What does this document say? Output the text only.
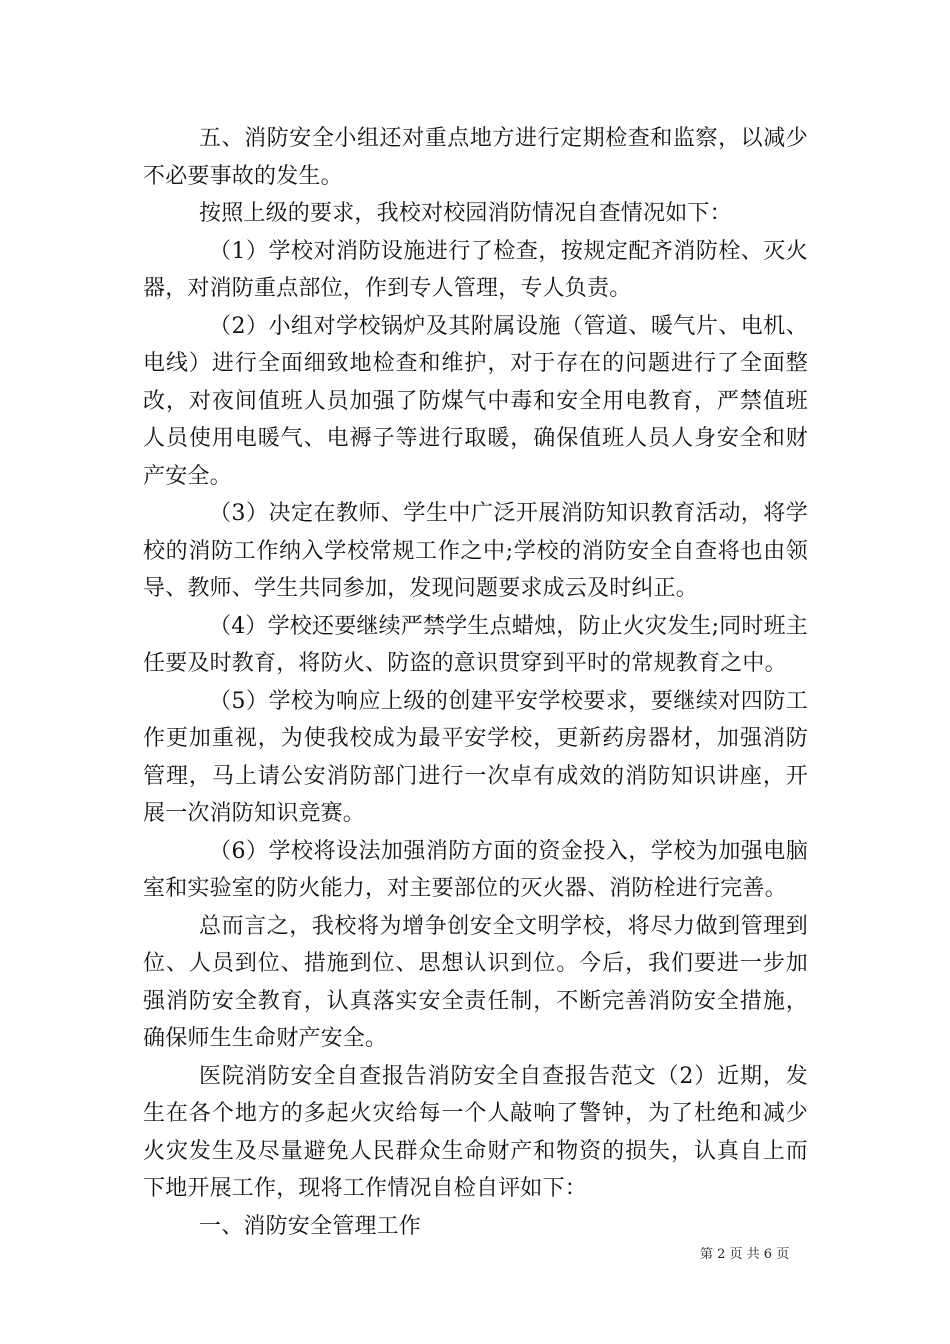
五、消防安全小组还对重点地方进行定期检查和监察，以减少不必要事故的发生。

按照上级的要求，我校对校园消防情况自查情况如下：

（1）学校对消防设施进行了检查，按规定配齐消防栓、灭火器，对消防重点部位，作到专人管理，专人负责。

（2）小组对学校锅炉及其附属设施（管道、暖气片、电机、电线）进行全面细致地检查和维护，对于存在的问题进行了全面整改，对夜间值班人员加强了防煤气中毒和安全用电教育，严禁值班人员使用电暖气、电褥子等进行取暖，确保值班人员人身安全和财产安全。

（3）决定在教师、学生中广泛开展消防知识教育活动，将学校的消防工作纳入学校常规工作之中;学校的消防安全自查将也由领导、教师、学生共同参加，发现问题要求成云及时纠正。

（4）学校还要继续严禁学生点蜡烛，防止火灾发生;同时班主任要及时教育，将防火、防盗的意识贯穿到平时的常规教育之中。

（5）学校为响应上级的创建平安学校要求，要继续对四防工作更加重视，为使我校成为最平安学校，更新药房器材，加强消防管理，马上请公安消防部门进行一次卓有成效的消防知识讲座，开展一次消防知识竞赛。

（6）学校将设法加强消防方面的资金投入，学校为加强电脑室和实验室的防火能力，对主要部位的灭火器、消防栓进行完善。

总而言之，我校将为增争创安全文明学校，将尽力做到管理到位、人员到位、措施到位、思想认识到位。今后，我们要进一步加强消防安全教育，认真落实安全责任制，不断完善消防安全措施，确保师生生命财产安全。

医院消防安全自查报告消防安全自查报告范文（2）近期，发生在各个地方的多起火灾给每一个人敲响了警钟，为了杜绝和减少火灾发生及尽量避免人民群众生命财产和物资的损失，认真自上而下地开展工作，现将工作情况自检自评如下：

一、消防安全管理工作

第 2 页 共 6 页
